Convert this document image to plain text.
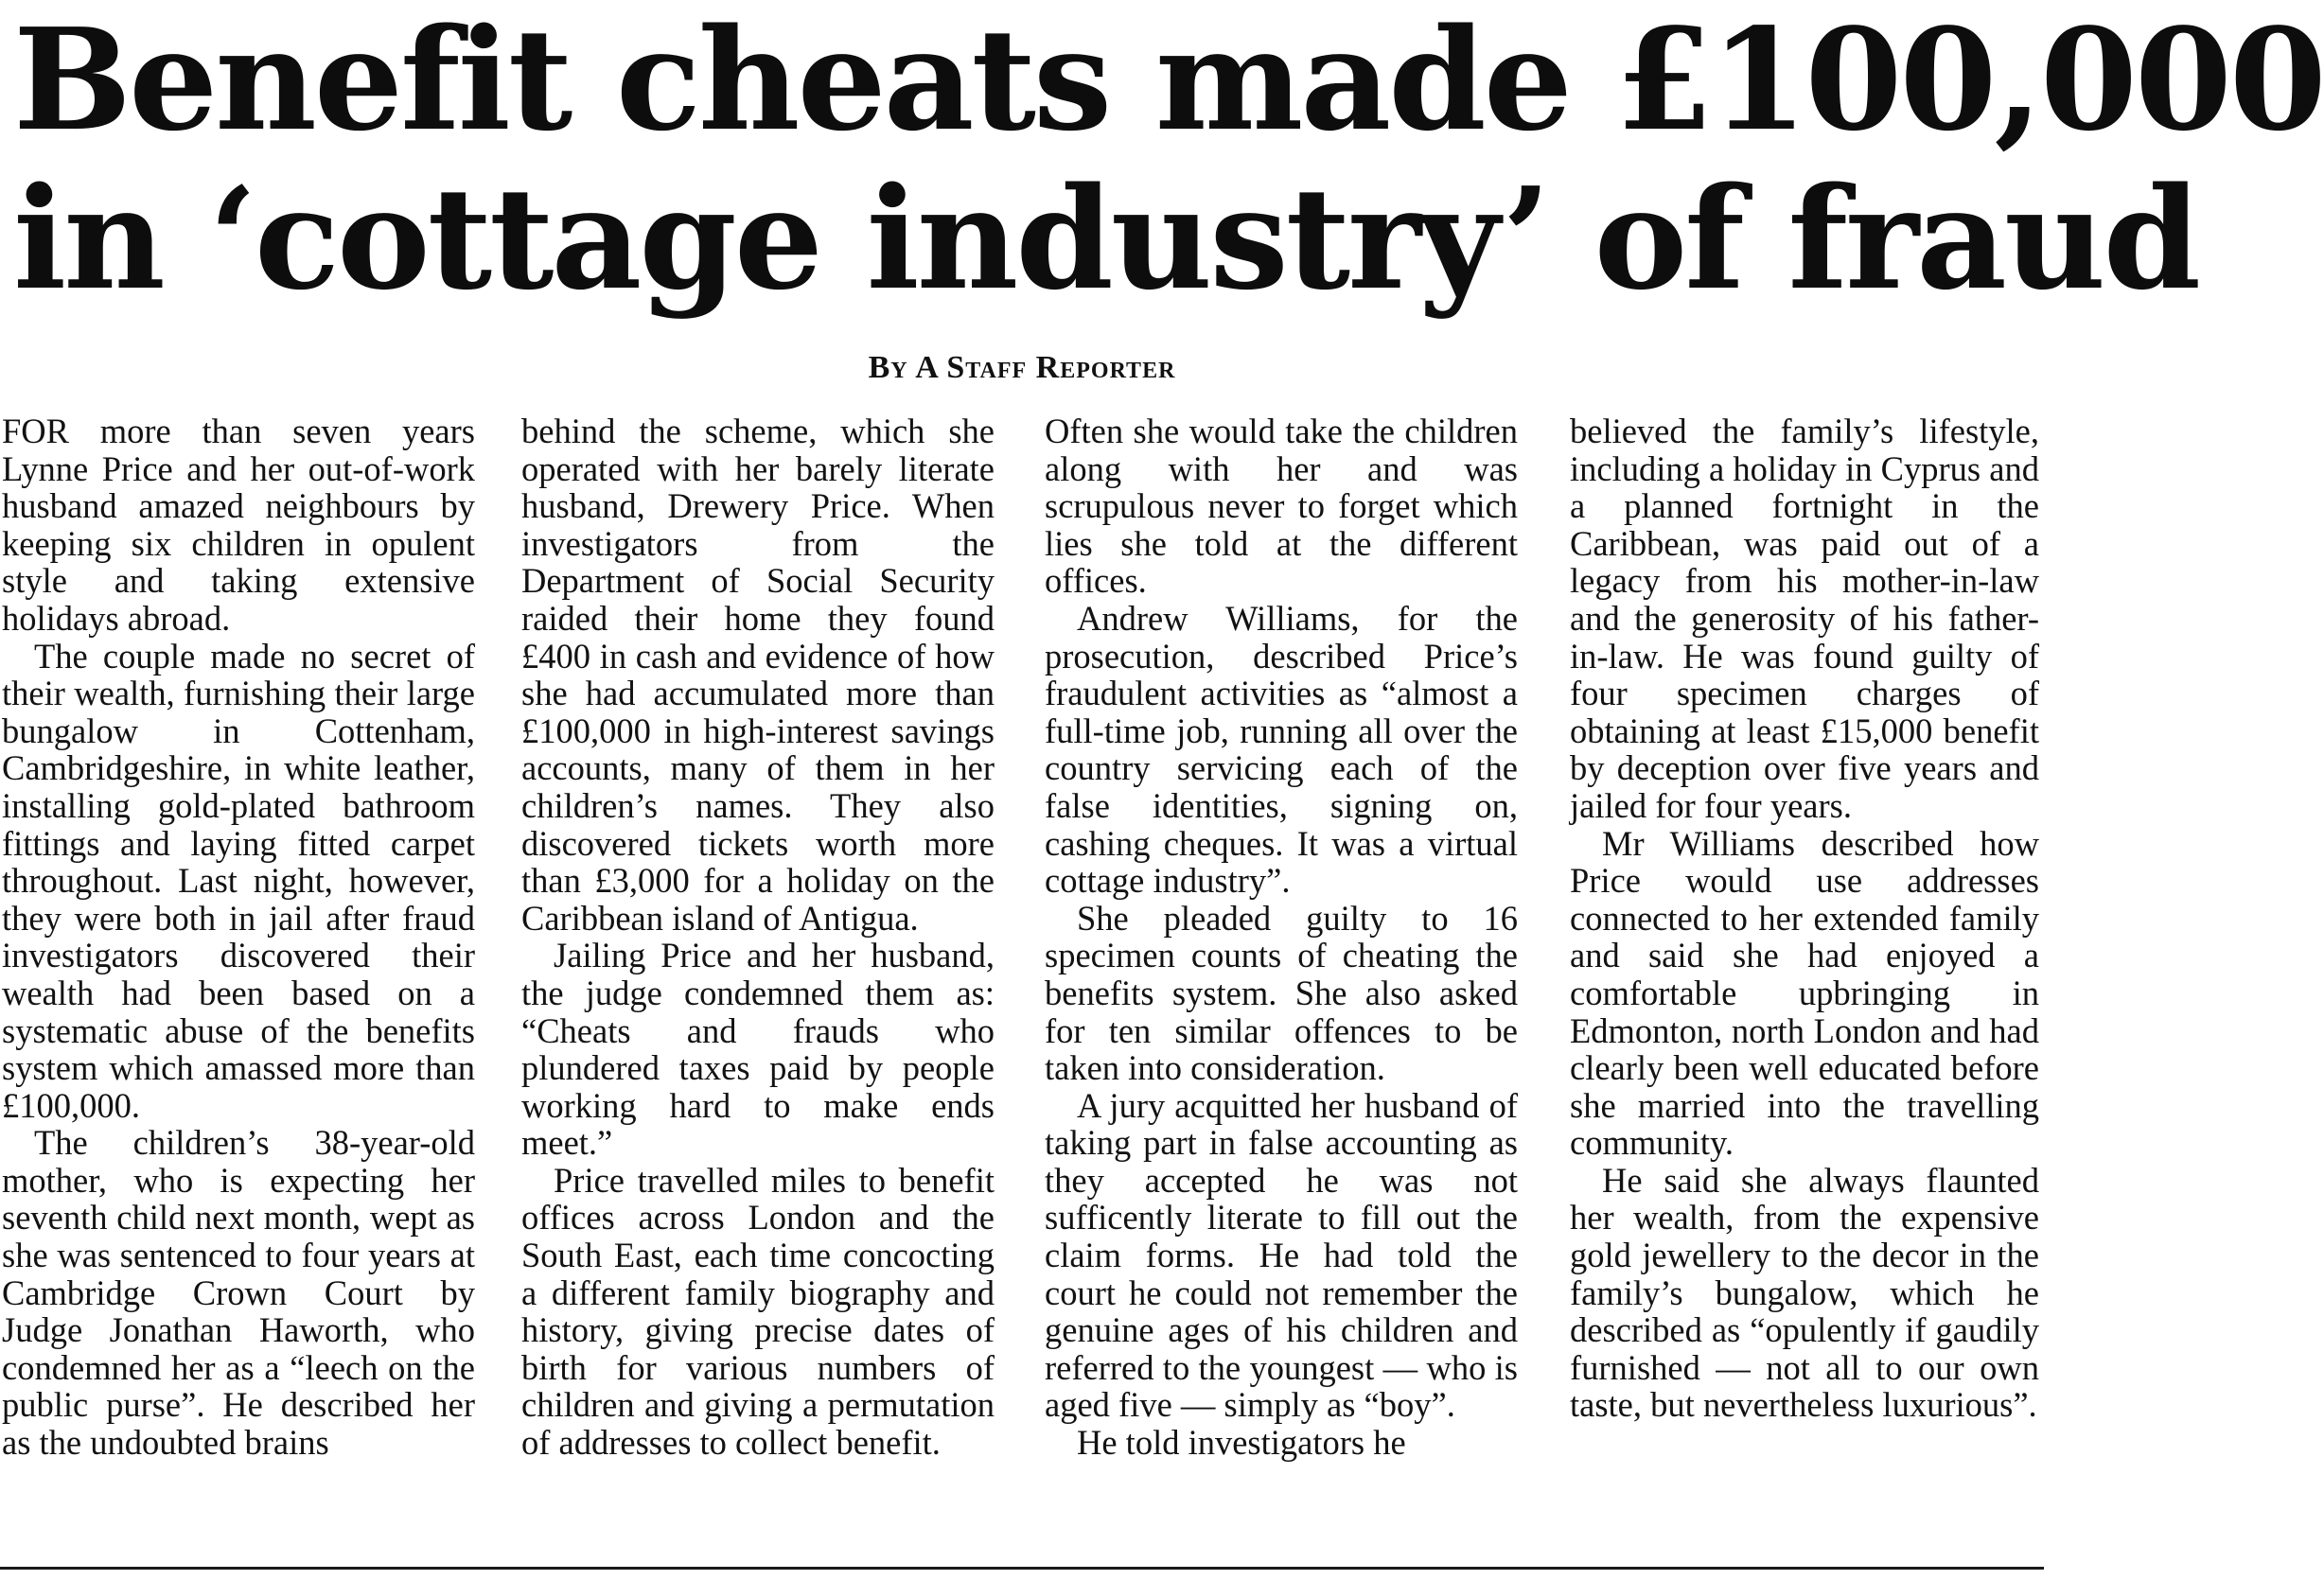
Benefit cheats made £100,000
in ‘cottage industry’ of fraud
By A Staff Reporter

FOR more than seven years Lynne Price and her out-of-work husband amazed neighbours by keeping six children in opulent style and taking extensive holidays abroad.

The couple made no secret of their wealth, furnishing their large bungalow in Cottenham, Cambridgeshire, in white leather, installing gold-plated bathroom fittings and laying fitted carpet throughout. Last night, however, they were both in jail after fraud investigators discovered their wealth had been based on a systematic abuse of the benefits system which amassed more than £100,000.

The children’s 38-year-old mother, who is expecting her seventh child next month, wept as she was sentenced to four years at Cambridge Crown Court by Judge Jonathan Haworth, who condemned her as a “leech on the public purse”. He described her as the undoubted brains

behind the scheme, which she operated with her barely literate husband, Drewery Price. When investigators from the Department of Social Security raided their home they found £400 in cash and evidence of how she had accumulated more than £100,000 in high-interest savings accounts, many of them in her children’s names. They also discovered tickets worth more than £3,000 for a holiday on the Caribbean island of Antigua.

Jailing Price and her husband, the judge condemned them as: “Cheats and frauds who plundered taxes paid by people working hard to make ends meet.”

Price travelled miles to benefit offices across London and the South East, each time concocting a different family biography and history, giving precise dates of birth for various numbers of children and giving a permutation of addresses to collect benefit.

Often she would take the children along with her and was scrupulous never to forget which lies she told at the different offices.

Andrew Williams, for the prosecution, described Price’s fraudulent activities as “almost a full-time job, running all over the country servicing each of the false identities, signing on, cashing cheques. It was a virtual cottage industry”.

She pleaded guilty to 16 specimen counts of cheating the benefits system. She also asked for ten similar offences to be taken into consideration.

A jury acquitted her husband of taking part in false accounting as they accepted he was not sufficently literate to fill out the claim forms. He had told the court he could not remember the genuine ages of his children and referred to the youngest — who is aged five — simply as “boy”.

He told investigators he

believed the family’s lifestyle, including a holiday in Cyprus and a planned fortnight in the Caribbean, was paid out of a legacy from his mother-in-law and the generosity of his father-in-law. He was found guilty of four specimen charges of obtaining at least £15,000 benefit by deception over five years and jailed for four years.

Mr Williams described how Price would use addresses connected to her extended family and said she had enjoyed a comfortable upbringing in Edmonton, north London and had clearly been well educated before she married into the travelling community.

He said she always flaunted her wealth, from the expensive gold jewellery to the decor in the family’s bungalow, which he described as “opulently if gaudily furnished — not all to our own taste, but nevertheless luxurious”.
